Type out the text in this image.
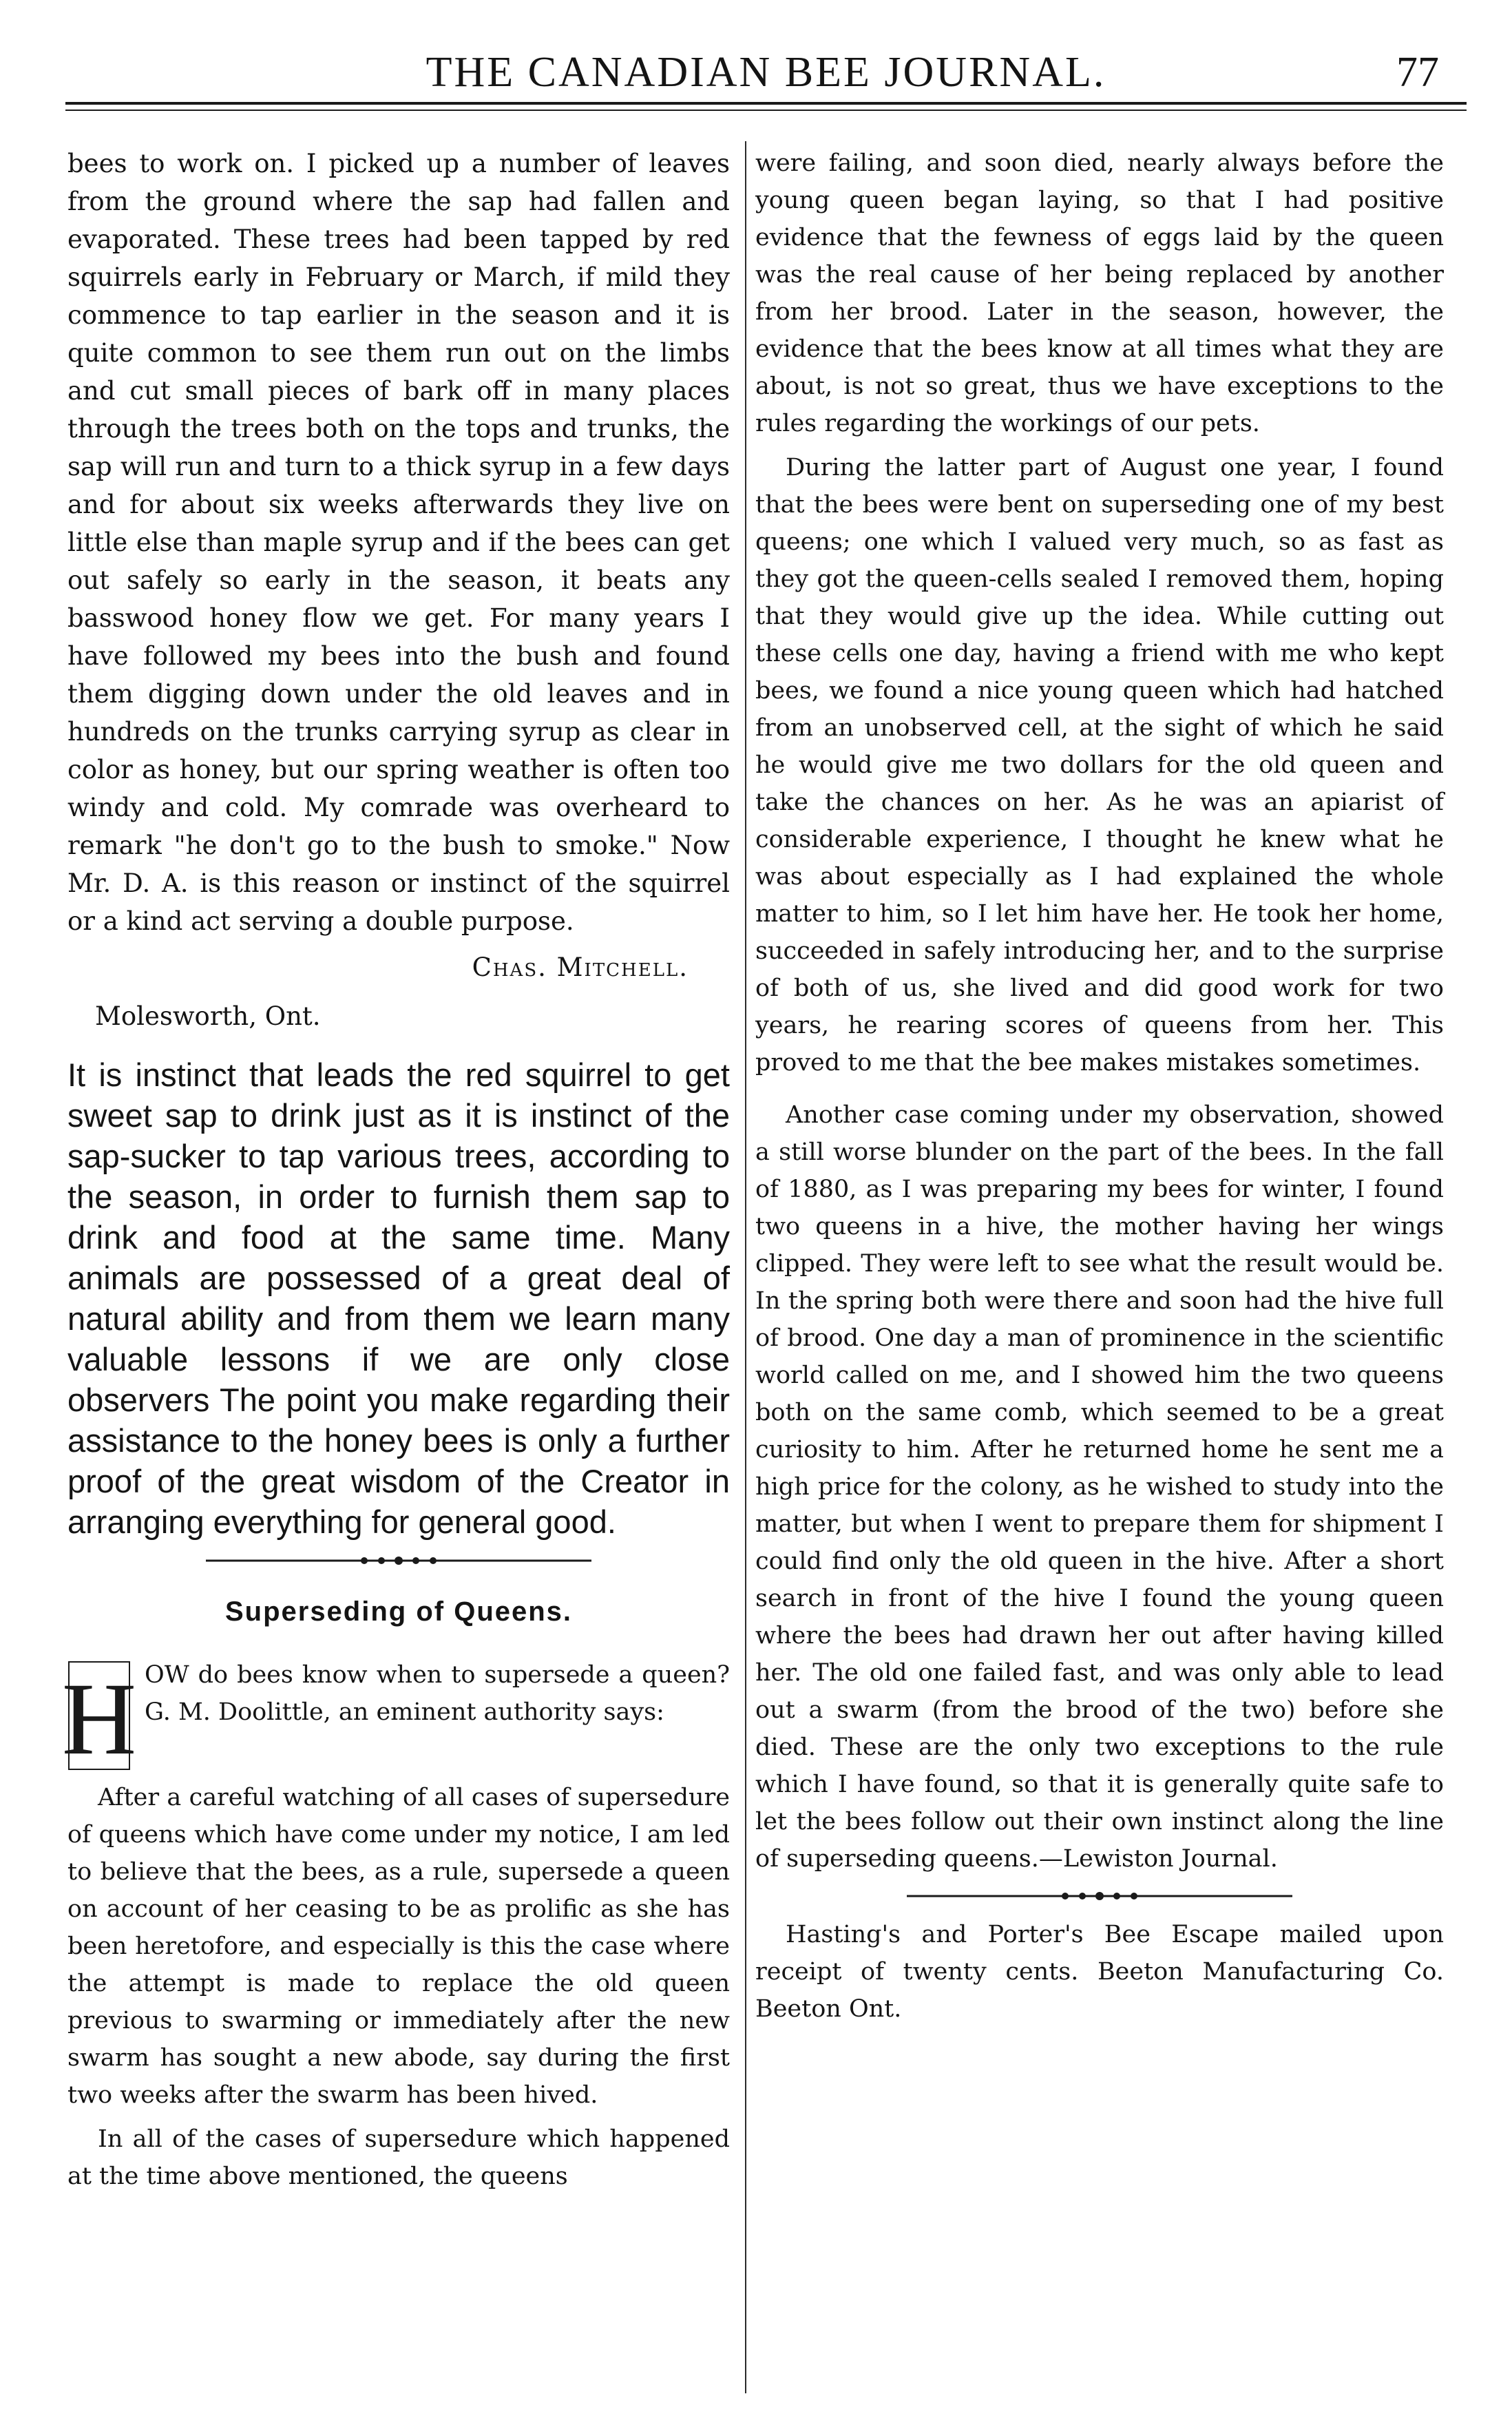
THE CANADIAN BEE JOURNAL.	77

bees to work on. I picked up a number of leaves from the ground where the sap had fallen and evaporated. These trees had been tapped by red squirrels early in February or March, if mild they commence to tap earlier in the season and it is quite common to see them run out on the limbs and cut small pieces of bark off in many places through the trees both on the tops and trunks, the sap will run and turn to a thick syrup in a few days and for about six weeks afterwards they live on little else than maple syrup and if the bees can get out safely so early in the season, it beats any basswood honey flow we get. For many years I have followed my bees into the bush and found them digging down under the old leaves and in hundreds on the trunks carrying syrup as clear in color as honey, but our spring weather is often too windy and cold. My comrade was overheard to remark "he don't go to the bush to smoke." Now Mr. D. A. is this reason or instinct of the squirrel or a kind act serving a double purpose.

Chas. Mitchell.
Molesworth, Ont.

It is instinct that leads the red squirrel to get sweet sap to drink just as it is instinct of the sap-sucker to tap various trees, according to the season, in order to furnish them sap to drink and food at the same time. Many animals are possessed of a great deal of natural ability and from them we learn many valuable lessons if we are only close observers The point you make regarding their assistance to the honey bees is only a further proof of the great wisdom of the Creator in arranging everything for general good.

Superseding of Queens.
H OW do bees know when to supersede a queen? G. M. Doolittle, an eminent authority says:

After a careful watching of all cases of supersedure of queens which have come under my notice, I am led to believe that the bees, as a rule, supersede a queen on account of her ceasing to be as prolific as she has been heretofore, and especially is this the case where the attempt is made to replace the old queen previous to swarming or immediately after the new swarm has sought a new abode, say during the first two weeks after the swarm has been hived.

In all of the cases of supersedure which happened at the time above mentioned, the queens

were failing, and soon died, nearly always before the young queen began laying, so that I had positive evidence that the fewness of eggs laid by the queen was the real cause of her being replaced by another from her brood. Later in the season, however, the evidence that the bees know at all times what they are about, is not so great, thus we have exceptions to the rules regarding the workings of our pets.

During the latter part of August one year, I found that the bees were bent on superseding one of my best queens; one which I valued very much, so as fast as they got the queen-cells sealed I removed them, hoping that they would give up the idea. While cutting out these cells one day, having a friend with me who kept bees, we found a nice young queen which had hatched from an unobserved cell, at the sight of which he said he would give me two dollars for the old queen and take the chances on her. As he was an apiarist of considerable experience, I thought he knew what he was about especially as I had explained the whole matter to him, so I let him have her. He took her home, succeeded in safely introducing her, and to the surprise of both of us, she lived and did good work for two years, he rearing scores of queens from her. This proved to me that the bee makes mistakes sometimes.

Another case coming under my observation, showed a still worse blunder on the part of the bees. In the fall of 1880, as I was preparing my bees for winter, I found two queens in a hive, the mother having her wings clipped. They were left to see what the result would be. In the spring both were there and soon had the hive full of brood. One day a man of prominence in the scientific world called on me, and I showed him the two queens both on the same comb, which seemed to be a great curiosity to him. After he returned home he sent me a high price for the colony, as he wished to study into the matter, but when I went to prepare them for shipment I could find only the old queen in the hive. After a short search in front of the hive I found the young queen where the bees had drawn her out after having killed her. The old one failed fast, and was only able to lead out a swarm (from the brood of the two) before she died. These are the only two exceptions to the rule which I have found, so that it is generally quite safe to let the bees follow out their own instinct along the line of superseding queens.—Lewiston Journal.

Hasting's and Porter's Bee Escape mailed upon receipt of twenty cents. Beeton Manufacturing Co. Beeton Ont.
